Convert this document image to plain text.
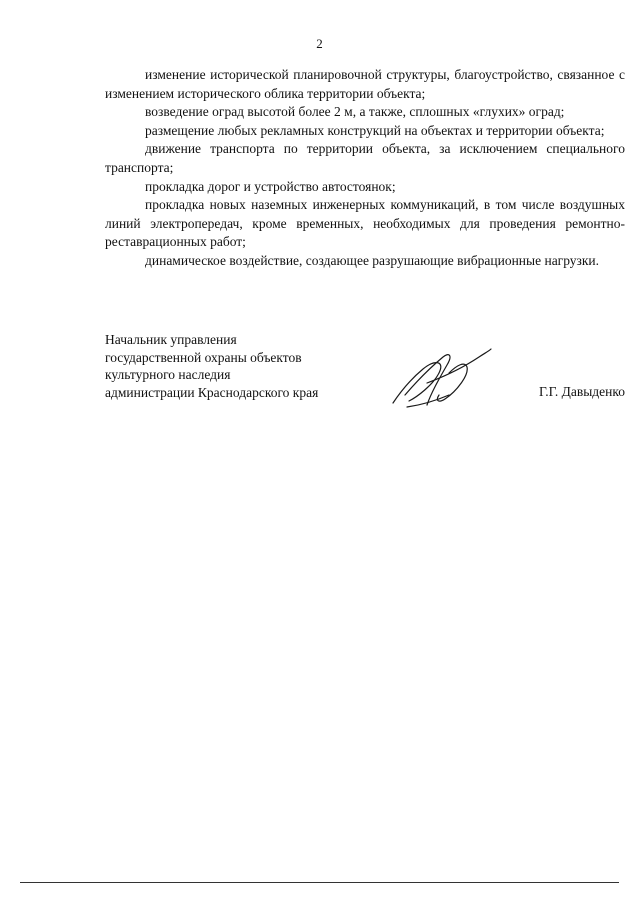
2

изменение исторической планировочной структуры, благоустройство, связанное с изменением исторического облика территории объекта;

возведение оград высотой более 2 м, а также, сплошных «глухих» оград;

размещение любых рекламных конструкций на объектах и территории объекта;

движение транспорта по территории объекта, за исключением специального транспорта;

прокладка дорог и устройство автостоянок;

прокладка новых наземных инженерных коммуникаций, в том числе воздушных линий электропередач, кроме временных, необходимых для проведения ремонтно-реставрационных работ;

динамическое воздействие, создающее разрушающие вибрационные нагрузки.

Начальник управления
государственной охраны объектов
культурного наследия
администрации Краснодарского края	Г.Г. Давыденко
